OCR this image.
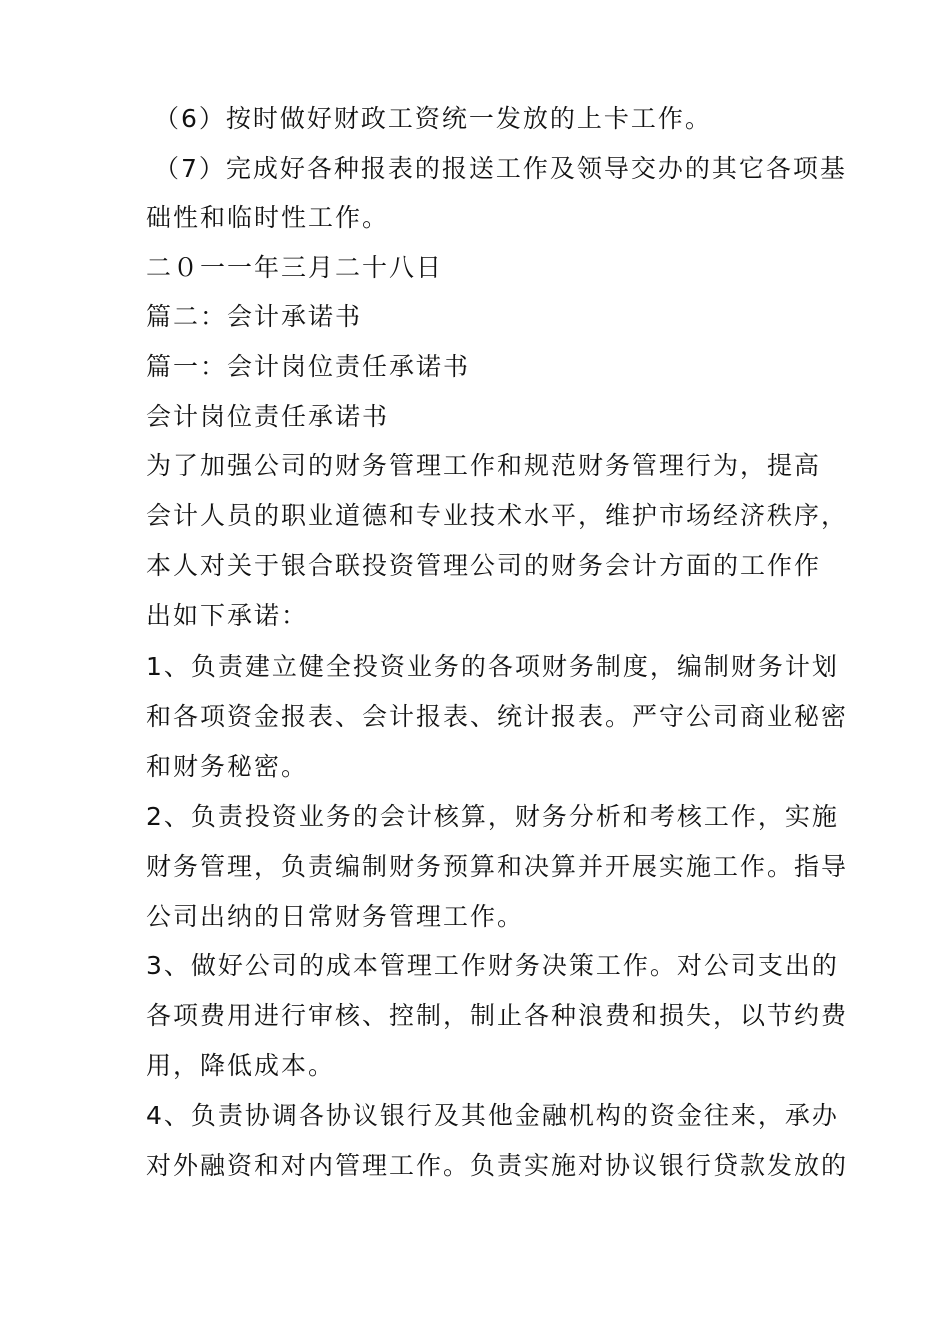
（6）按时做好财政工资统一发放的上卡工作。
（7）完成好各种报表的报送工作及领导交办的其它各项基
础性和临时性工作。
二０一一年三月二十八日
篇二：会计承诺书
篇一：会计岗位责任承诺书
会计岗位责任承诺书
为了加强公司的财务管理工作和规范财务管理行为，提高
会计人员的职业道德和专业技术水平，维护市场经济秩序，
本人对关于银合联投资管理公司的财务会计方面的工作作
出如下承诺：
1、负责建立健全投资业务的各项财务制度，编制财务计划
和各项资金报表、会计报表、统计报表。严守公司商业秘密
和财务秘密。
2、负责投资业务的会计核算，财务分析和考核工作，实施
财务管理，负责编制财务预算和决算并开展实施工作。指导
公司出纳的日常财务管理工作。
3、做好公司的成本管理工作财务决策工作。对公司支出的
各项费用进行审核、控制，制止各种浪费和损失，以节约费
用，降低成本。
4、负责协调各协议银行及其他金融机构的资金往来，承办
对外融资和对内管理工作。负责实施对协议银行贷款发放的
